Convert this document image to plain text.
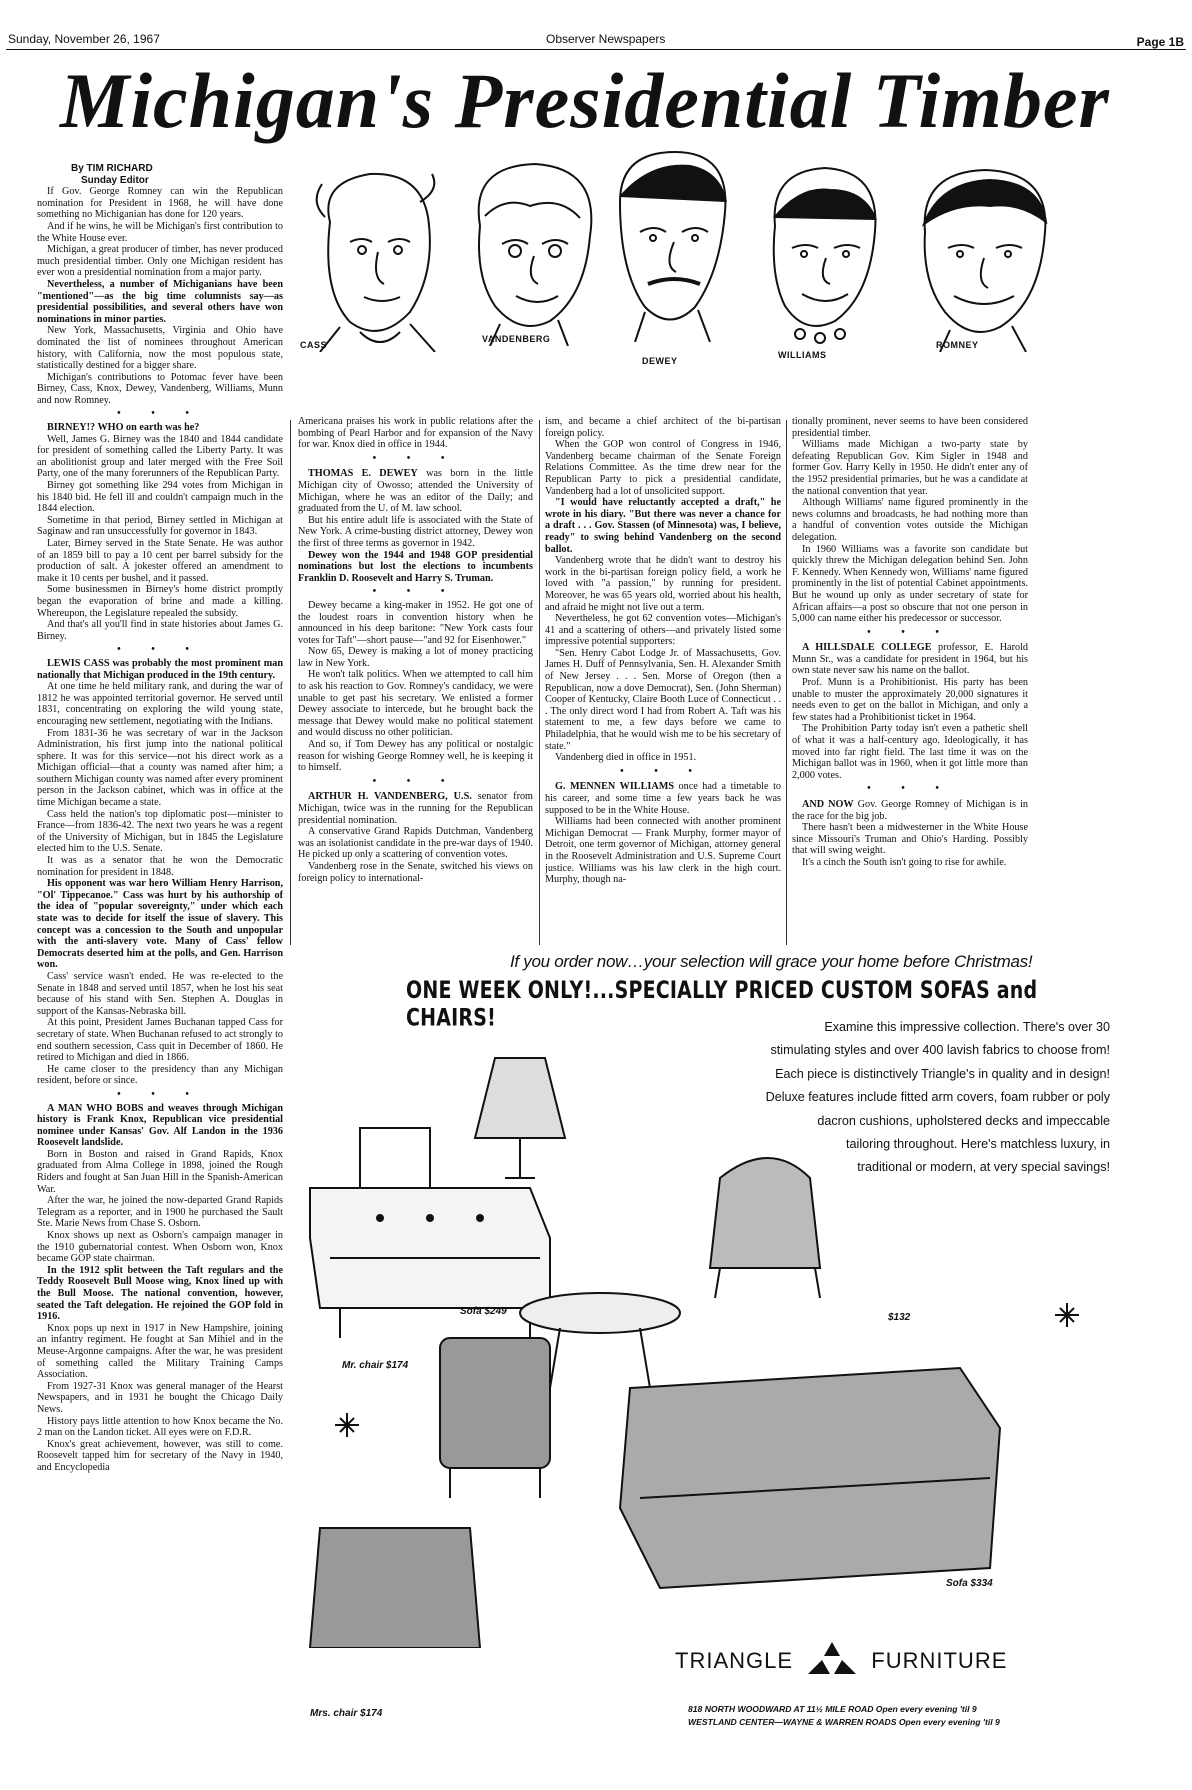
Sunday, November 26, 1967	Observer Newspapers	Page 1B
Michigan's Presidential Timber

By TIM RICHARD

Sunday Editor

If Gov. George Romney can win the Republican nomination for President in 1968, he will have done something no Michiganian has done for 120 years.

And if he wins, he will be Michigan's first contribution to the White House ever.

Michigan, a great producer of timber, has never produced much presidential timber. Only one Michigan resident has ever won a presidential nomination from a major party.

Nevertheless, a number of Michiganians have been "mentioned"—as the big time columnists say—as presidential possibilities, and several others have won nominations in minor parties.

New York, Massachusetts, Virginia and Ohio have dominated the list of nominees throughout American history, with California, now the most populous state, statistically destined for a bigger share.

Michigan's contributions to Potomac fever have been Birney, Cass, Knox, Dewey, Vandenberg, Williams, Munn and now Romney.

• • •

BIRNEY!? WHO on earth was he?

Well, James G. Birney was the 1840 and 1844 candidate for president of something called the Liberty Party. It was an abolitionist group and later merged with the Free Soil Party, one of the many forerunners of the Republican Party.

Birney got something like 294 votes from Michigan in his 1840 bid. He fell ill and couldn't campaign much in the 1844 election.

Sometime in that period, Birney settled in Michigan at Saginaw and ran unsuccessfully for governor in 1843.

Later, Birney served in the State Senate. He was author of an 1859 bill to pay a 10 cent per barrel subsidy for the production of salt. A jokester offered an amendment to make it 10 cents per bushel, and it passed.

Some businessmen in Birney's home district promptly began the evaporation of brine and made a killing. Whereupon, the Legislature repealed the subsidy.

And that's all you'll find in state histories about James G. Birney.

• • •

LEWIS CASS was probably the most prominent man nationally that Michigan produced in the 19th century.

At one time he held military rank, and during the war of 1812 he was appointed territorial governor. He served until 1831, concentrating on exploring the wild young state, encouraging new settlement, negotiating with the Indians.

From 1831-36 he was secretary of war in the Jackson Administration, his first jump into the national political sphere. It was for this service—not his direct work as a Michigan official—that a county was named after him; a southern Michigan county was named after every prominent person in the Jackson cabinet, which was in office at the time Michigan became a state.

Cass held the nation's top diplomatic post—minister to France—from 1836-42. The next two years he was a regent of the University of Michigan, but in 1845 the Legislature elected him to the U.S. Senate.

It was as a senator that he won the Democratic nomination for president in 1848.

His opponent was war hero William Henry Harrison, "Ol' Tippecanoe." Cass was hurt by his authorship of the idea of "popular sovereignty," under which each state was to decide for itself the issue of slavery. This concept was a concession to the South and unpopular with the anti-slavery vote. Many of Cass' fellow Democrats deserted him at the polls, and Gen. Harrison won.

Cass' service wasn't ended. He was re-elected to the Senate in 1848 and served until 1857, when he lost his seat because of his stand with Sen. Stephen A. Douglas in support of the Kansas-Nebraska bill.

At this point, President James Buchanan tapped Cass for secretary of state. When Buchanan refused to act strongly to end southern secession, Cass quit in December of 1860. He retired to Michigan and died in 1866.

He came closer to the presidency than any Michigan resident, before or since.

• • •

A MAN WHO BOBS and weaves through Michigan history is Frank Knox, Republican vice presidential nominee under Kansas' Gov. Alf Landon in the 1936 Roosevelt landslide.

Born in Boston and raised in Grand Rapids, Knox graduated from Alma College in 1898, joined the Rough Riders and fought at San Juan Hill in the Spanish-American War.

After the war, he joined the now-departed Grand Rapids Telegram as a reporter, and in 1900 he purchased the Sault Ste. Marie News from Chase S. Osborn.

Knox shows up next as Osborn's campaign manager in the 1910 gubernatorial contest. When Osborn won, Knox became GOP state chairman.

In the 1912 split between the Taft regulars and the Teddy Roosevelt Bull Moose wing, Knox lined up with the Bull Moose. The national convention, however, seated the Taft delegation. He rejoined the GOP fold in 1916.

Knox pops up next in 1917 in New Hampshire, joining an infantry regiment. He fought at San Mihiel and in the Meuse-Argonne campaigns. After the war, he was president of something called the Military Training Camps Association.

From 1927-31 Knox was general manager of the Hearst Newspapers, and in 1931 he bought the Chicago Daily News.

History pays little attention to how Knox became the No. 2 man on the Landon ticket. All eyes were on F.D.R.

Knox's great achievement, however, was still to come. Roosevelt tapped him for secretary of the Navy in 1940, and Encyclopedia

Americana praises his work in public relations after the bombing of Pearl Harbor and for expansion of the Navy for war. Knox died in office in 1944.

• • •

THOMAS E. DEWEY was born in the little Michigan city of Owosso; attended the University of Michigan, where he was an editor of the Daily; and graduated from the U. of M. law school.

But his entire adult life is associated with the State of New York. A crime-busting district attorney, Dewey won the first of three terms as governor in 1942.

Dewey won the 1944 and 1948 GOP presidential nominations but lost the elections to incumbents Franklin D. Roosevelt and Harry S. Truman.

• • •

Dewey became a king-maker in 1952. He got one of the loudest roars in convention history when he announced in his deep baritone: "New York casts four votes for Taft"—short pause—"and 92 for Eisenhower."

Now 65, Dewey is making a lot of money practicing law in New York.

He won't talk politics. When we attempted to call him to ask his reaction to Gov. Romney's candidacy, we were unable to get past his secretary. We enlisted a former Dewey associate to intercede, but he brought back the message that Dewey would make no political statement and would discuss no other politician.

And so, if Tom Dewey has any political or nostalgic reason for wishing George Romney well, he is keeping it to himself.

• • •

ARTHUR H. VANDENBERG, U.S. senator from Michigan, twice was in the running for the Republican presidential nomination.

A conservative Grand Rapids Dutchman, Vandenberg was an isolationist candidate in the pre-war days of 1940. He picked up only a scattering of convention votes.

Vandenberg rose in the Senate, switched his views on foreign policy to international-

ism, and became a chief architect of the bi-partisan foreign policy.

When the GOP won control of Congress in 1946, Vandenberg became chairman of the Senate Foreign Relations Committee. As the time drew near for the Republican Party to pick a presidential candidate, Vandenberg had a lot of unsolicited support.

"I would have reluctantly accepted a draft," he wrote in his diary. "But there was never a chance for a draft . . . Gov. Stassen (of Minnesota) was, I believe, ready" to swing behind Vandenberg on the second ballot.

Vandenberg wrote that he didn't want to destroy his work in the bi-partisan foreign policy field, a work he loved with "a passion," by running for president. Moreover, he was 65 years old, worried about his health, and afraid he might not live out a term.

Nevertheless, he got 62 convention votes—Michigan's 41 and a scattering of others—and privately listed some impressive potential supporters:

"Sen. Henry Cabot Lodge Jr. of Massachusetts, Gov. James H. Duff of Pennsylvania, Sen. H. Alexander Smith of New Jersey . . . Sen. Morse of Oregon (then a Republican, now a dove Democrat), Sen. (John Sherman) Cooper of Kentucky, Claire Booth Luce of Connecticut . . . The only direct word I had from Robert A. Taft was his statement to me, a few days before we came to Philadelphia, that he would wish me to be his secretary of state."

Vandenberg died in office in 1951.

• • •

G. MENNEN WILLIAMS once had a timetable to his career, and some time a few years back he was supposed to be in the White House.

Williams had been connected with another prominent Michigan Democrat — Frank Murphy, former mayor of Detroit, one term governor of Michigan, attorney general in the Roosevelt Administration and U.S. Supreme Court justice. Williams was his law clerk in the high court. Murphy, though na-

tionally prominent, never seems to have been considered presidential timber.

Williams made Michigan a two-party state by defeating Republican Gov. Kim Sigler in 1948 and former Gov. Harry Kelly in 1950. He didn't enter any of the 1952 presidential primaries, but he was a candidate at the national convention that year.

Although Williams' name figured prominently in the news columns and broadcasts, he had nothing more than a handful of convention votes outside the Michigan delegation.

In 1960 Williams was a favorite son candidate but quickly threw the Michigan delegation behind Sen. John F. Kennedy. When Kennedy won, Williams' name figured prominently in the list of potential Cabinet appointments. But he wound up only as under secretary of state for African affairs—a post so obscure that not one person in 5,000 can name either his predecessor or successor.

• • •

A HILLSDALE COLLEGE professor, E. Harold Munn Sr., was a candidate for president in 1964, but his own state never saw his name on the ballot.

Prof. Munn is a Prohibitionist. His party has been unable to muster the approximately 20,000 signatures it needs even to get on the ballot in Michigan, and only a few states had a Prohibitionist ticket in 1964.

The Prohibition Party today isn't even a pathetic shell of what it was a half-century ago. Ideologically, it has moved into far right field. The last time it was on the Michigan ballot was in 1960, when it got little more than 2,000 votes.

• • •

AND NOW Gov. George Romney of Michigan is in the race for the big job.

There hasn't been a midwesterner in the White House since Missouri's Truman and Ohio's Harding. Possibly that will swing weight.

It's a cinch the South isn't going to rise for awhile.

CASS
VANDENBERG
DEWEY
WILLIAMS
ROMNEY
If you order now…your selection will grace your home before Christmas!
ONE WEEK ONLY!...SPECIALLY PRICED CUSTOM SOFAS and CHAIRS!	Examine this impressive collection. There's over 30
stimulating styles and over 400 lavish fabrics to choose from!
Each piece is distinctively Triangle's in quality and in design!
Deluxe features include fitted arm covers, foam rubber or poly
dacron cushions, upholstered decks and impeccable
tailoring throughout. Here's matchless luxury, in
traditional or modern, at very special savings!
Sofa $249
$132
Mr. chair $174
Sofa $334
Mrs. chair $174
TRIANGLE	FURNITURE
818 NORTH WOODWARD AT 11½ MILE ROAD Open every evening 'til 9
WESTLAND CENTER—WAYNE & WARREN ROADS Open every evening 'til 9
